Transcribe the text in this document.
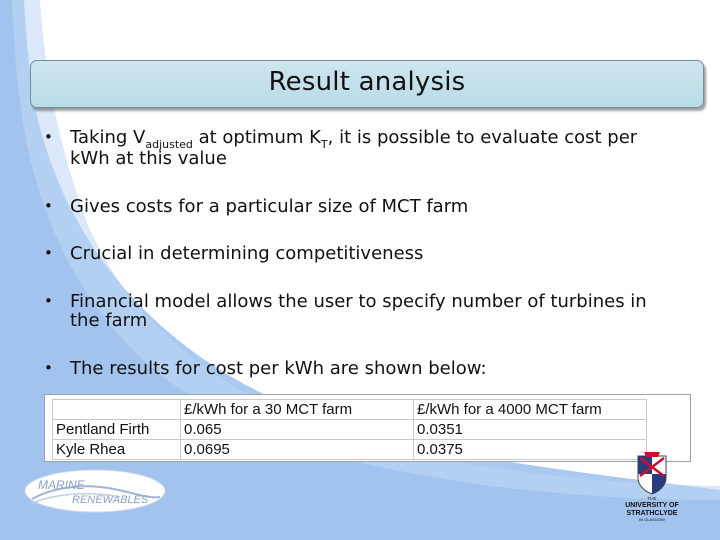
Result analysis
• Taking $V_{adjusted}$ at optimum $K_T$, it is possible to evaluate cost per kWh at this value
• Gives costs for a particular size of MCT farm
• Crucial in determining competitiveness
• Financial model allows the user to specify number of turbines in the farm
• The results for cost per kWh are shown below:
	£/kWh for a 30 MCT farm	£/kWh for a 4000 MCT farm
Pentland Firth	0.065	0.0351
Kyle Rhea	0.0695	0.0375
MARINE
RENEWABLES	THE
UNIVERSITY OF
STRATHCLYDE
IN GLASGOW
